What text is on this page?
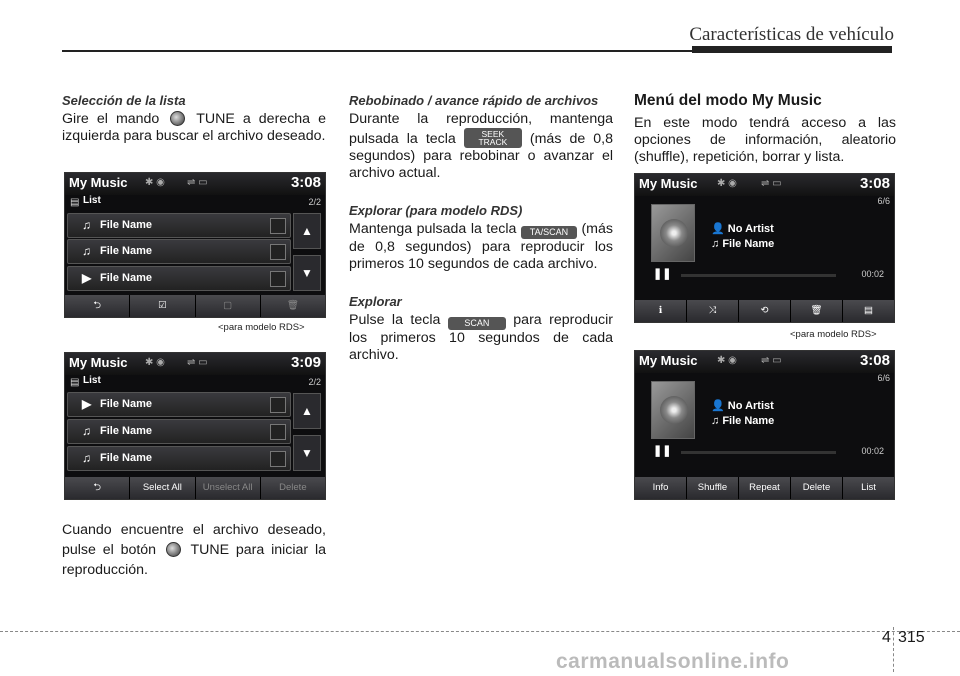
Características de vehículo
Selección de la lista

Gire el mando	TUNE a derecha e izquierda para buscar el archivo deseado.

My Music ✱ ◉ ⇌ ▭	3:08
▤ List	2/2
♫ File Name
♫ File Name
▶ File Name
▲
▼
⮌	☑	▢	🗑
<para modelo RDS>
My Music ✱ ◉ ⇌ ▭	3:09
▤ List	2/2
▶ File Name
♫ File Name
♫ File Name
▲
▼
⮌	Select All	Unselect All	Delete

Cuando encuentre el archivo deseado, pulse el botón TUNE para iniciar la reproducción.

Rebobinado / avance rápido de archivos

Durante la reproducción, mantenga pulsada la tecla	SEEK
TRACK (más de 0,8 segundos) para rebobinar o avanzar el archivo actual.

Explorar (para modelo RDS)

Mantenga pulsada la tecla TA/SCAN (más de 0,8 segundos) para reproducir los primeros 10 segundos de cada archivo.

Explorar

Pulse la tecla	SCAN para reproducir los primeros 10 segundos de cada archivo.

Menú del modo My Music

En este modo tendrá acceso a las opciones de información, aleatorio (shuffle), repetición, borrar y lista.

My Music ✱ ◉ ⇌ ▭	3:08
6/6
👤 No Artist
♫ File Name
❚❚	00:02
ℹ	⤨	⟲	🗑	▤
<para modelo RDS>
My Music ✱ ◉ ⇌ ▭	3:08
6/6
👤 No Artist
♫ File Name
❚❚	00:02
Info	Shuffle	Repeat	Delete	List
4 315
carmanualsonline.info
